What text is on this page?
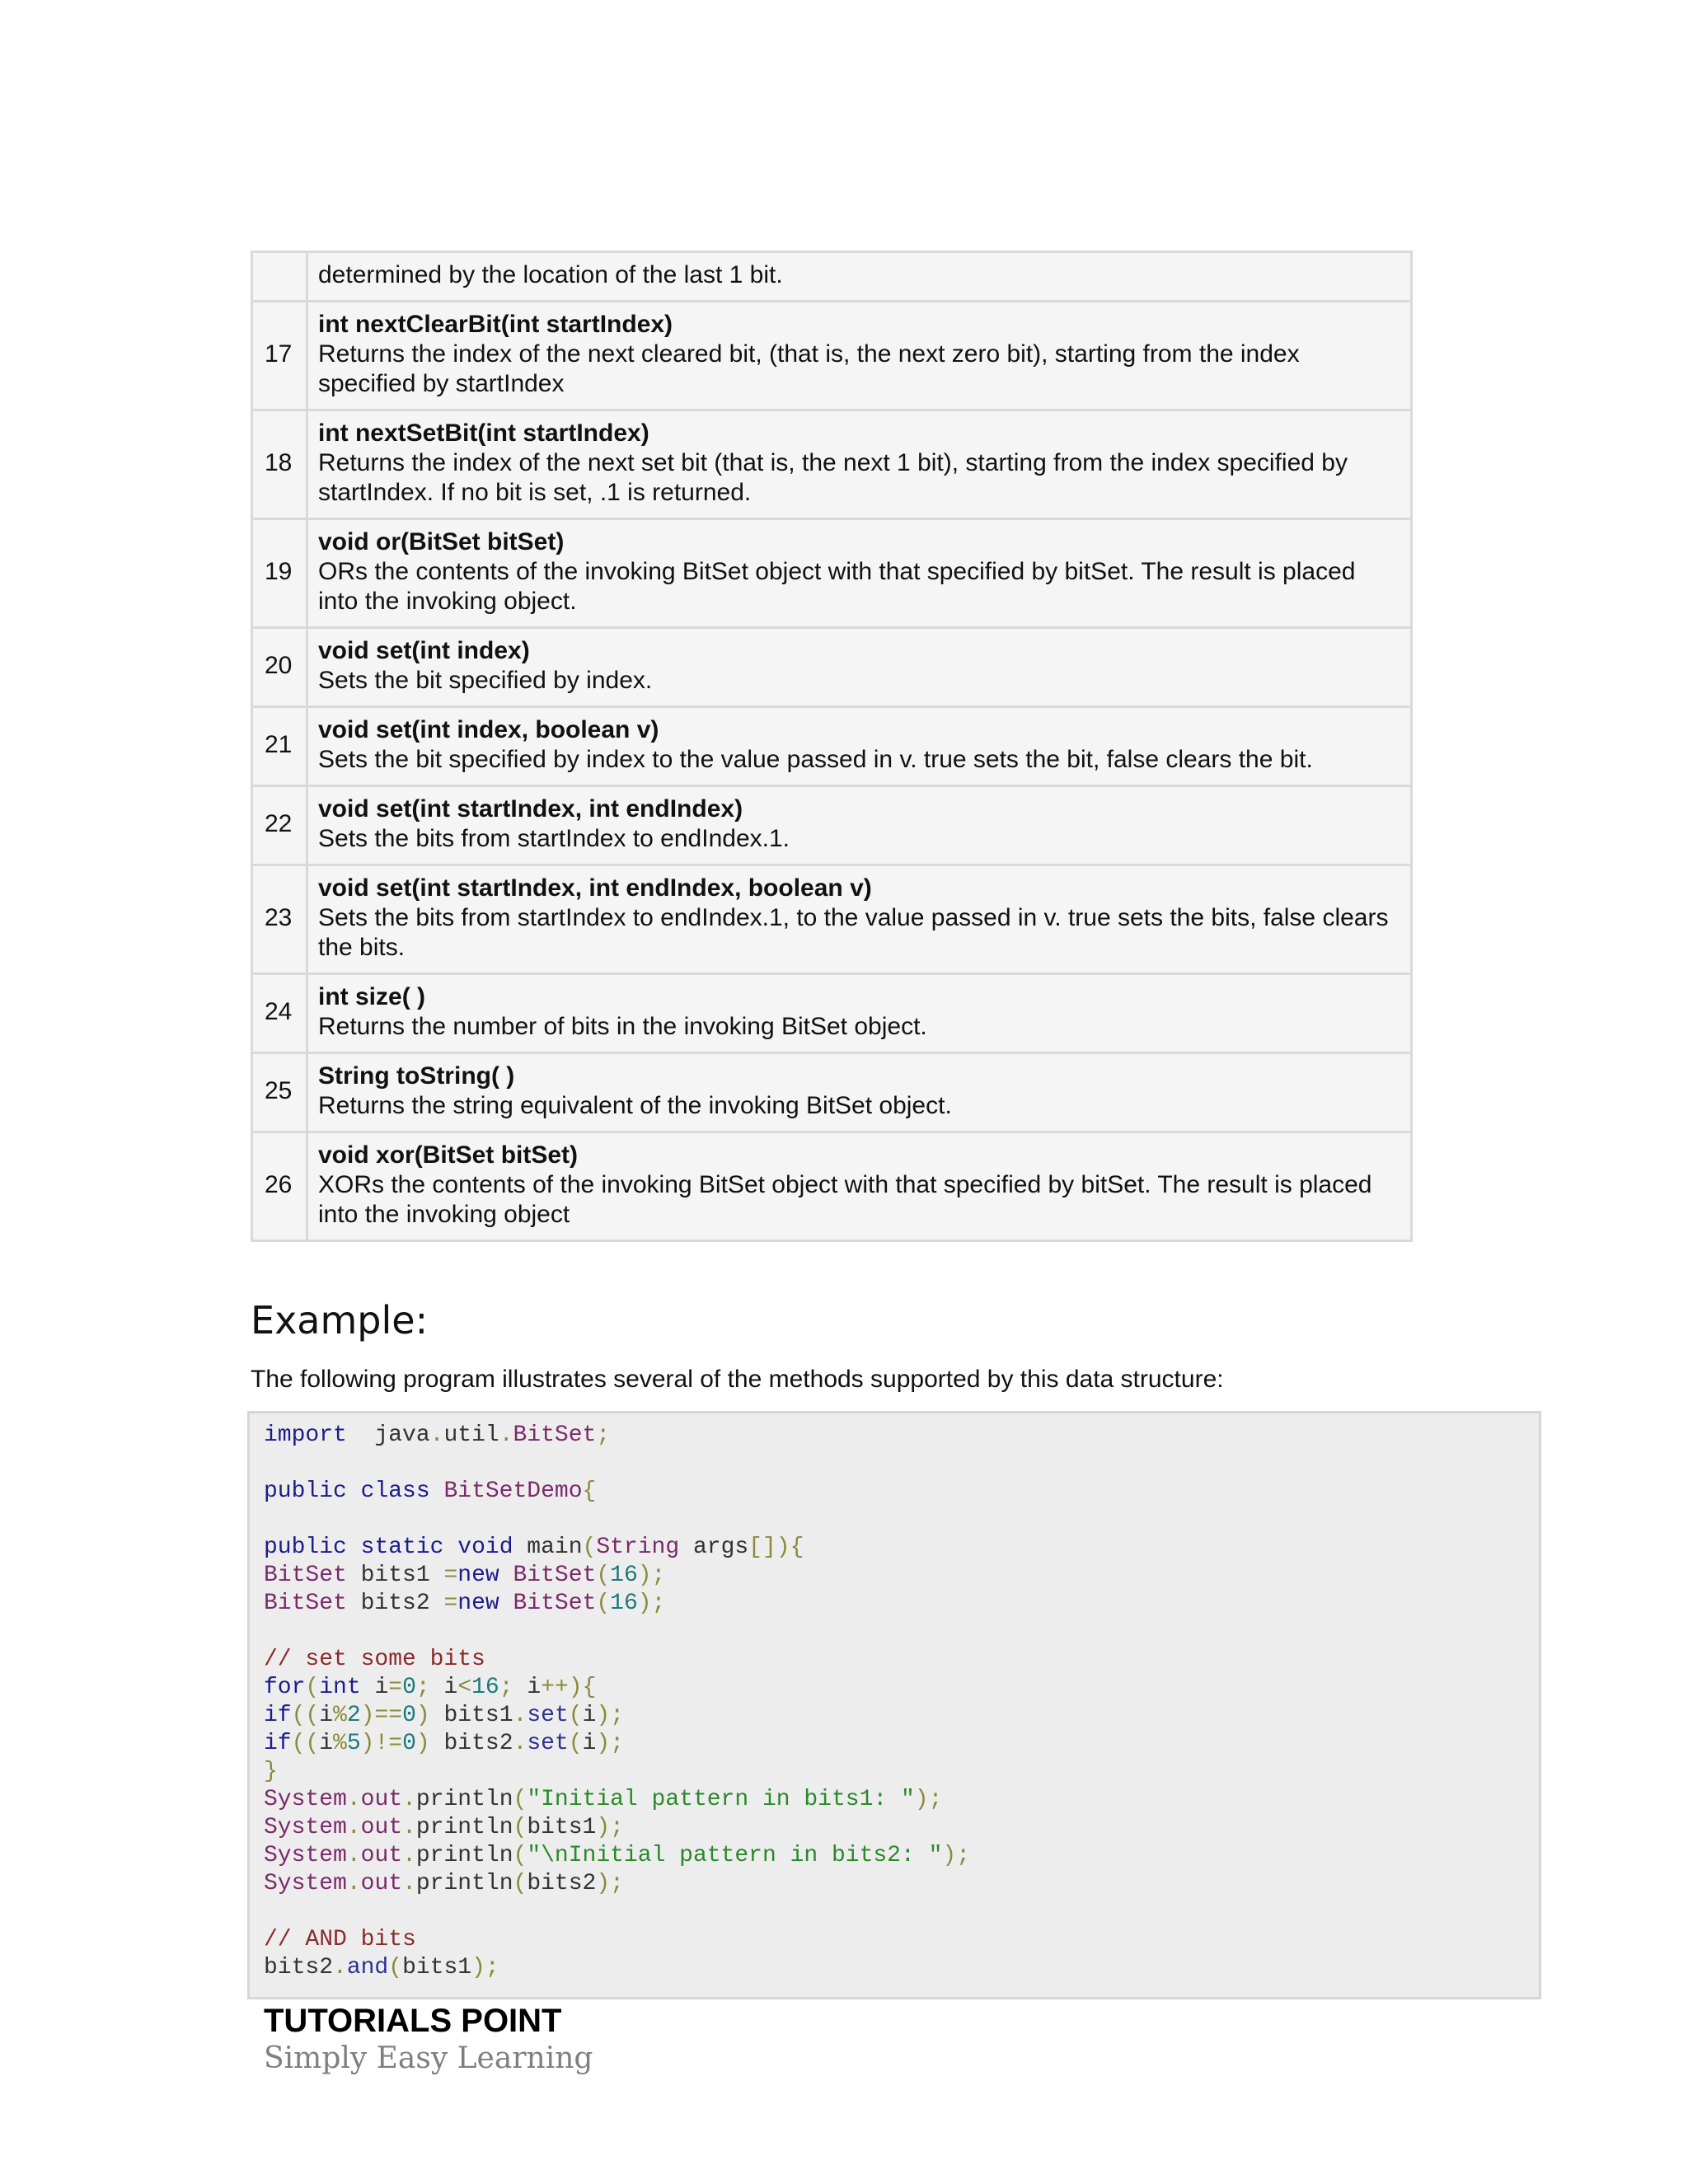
	determined by the location of the last 1 bit.

17	int nextClearBit(int startIndex)
Returns the index of the next cleared bit, (that is, the next zero bit), starting from the index specified by startIndex

18	int nextSetBit(int startIndex)
Returns the index of the next set bit (that is, the next 1 bit), starting from the index specified by startIndex. If no bit is set, .1 is returned.

19	void or(BitSet bitSet)
ORs the contents of the invoking BitSet object with that specified by bitSet. The result is placed into the invoking object.

20	void set(int index)
Sets the bit specified by index.

21	void set(int index, boolean v)
Sets the bit specified by index to the value passed in v. true sets the bit, false clears the bit.

22	void set(int startIndex, int endIndex)
Sets the bits from startIndex to endIndex.1.

23	void set(int startIndex, int endIndex, boolean v)
Sets the bits from startIndex to endIndex.1, to the value passed in v. true sets the bits, false clears the bits.

24	int size( )
Returns the number of bits in the invoking BitSet object.

25	String toString( )
Returns the string equivalent of the invoking BitSet object.

26	void xor(BitSet bitSet)
XORs the contents of the invoking BitSet object with that specified by bitSet. The result is placed into the invoking object
Example:

The following program illustrates several of the methods supported by this data structure:

import  java.util.BitSet;

public class BitSetDemo{

public static void main(String args[]){
BitSet bits1 =new BitSet(16);
BitSet bits2 =new BitSet(16);

// set some bits
for(int i=0; i<16; i++){
if((i%2)==0) bits1.set(i);
if((i%5)!=0) bits2.set(i);
}
System.out.println("Initial pattern in bits1: ");
System.out.println(bits1);
System.out.println("\nInitial pattern in bits2: ");
System.out.println(bits2);

// AND bits
bits2.and(bits1);

TUTORIALS POINT
Simply Easy Learning
